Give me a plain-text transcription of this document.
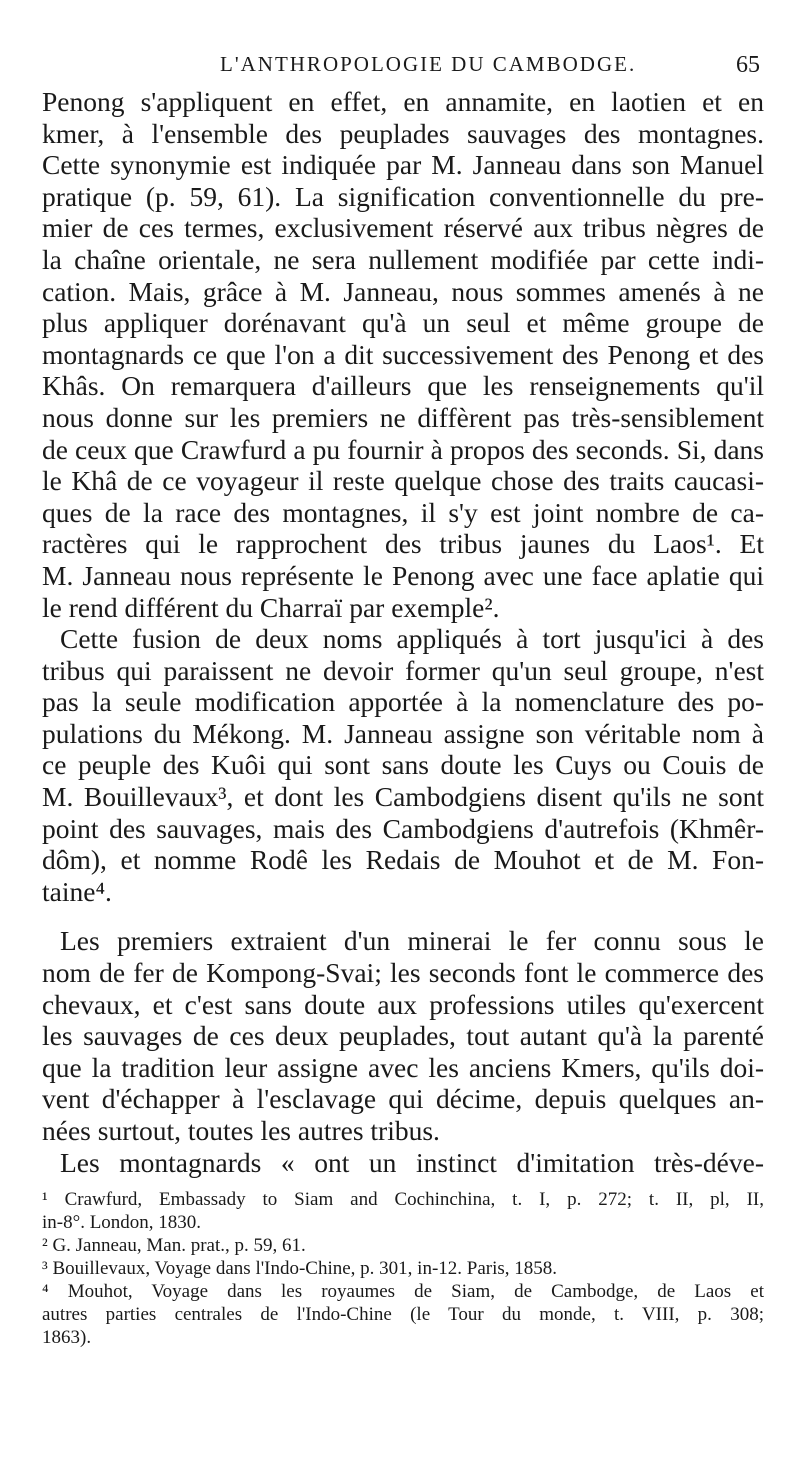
L'ANTHROPOLOGIE DU CAMBODGE.	65
Penong s'appliquent en effet, en annamite, en laotien et en
kmer, à l'ensemble des peuplades sauvages des montagnes.
Cette synonymie est indiquée par M. Janneau dans son Manuel
pratique (p. 59, 61). La signification conventionnelle du pre-
mier de ces termes, exclusivement réservé aux tribus nègres de
la chaîne orientale, ne sera nullement modifiée par cette indi-
cation. Mais, grâce à M. Janneau, nous sommes amenés à ne
plus appliquer dorénavant qu'à un seul et même groupe de
montagnards ce que l'on a dit successivement des Penong et des
Khâs. On remarquera d'ailleurs que les renseignements qu'il
nous donne sur les premiers ne diffèrent pas très-sensiblement
de ceux que Crawfurd a pu fournir à propos des seconds. Si, dans
le Khâ de ce voyageur il reste quelque chose des traits caucasi-
ques de la race des montagnes, il s'y est joint nombre de ca-
ractères qui le rapprochent des tribus jaunes du Laos¹. Et
M. Janneau nous représente le Penong avec une face aplatie qui
le rend différent du Charraï par exemple².
Cette fusion de deux noms appliqués à tort jusqu'ici à des
tribus qui paraissent ne devoir former qu'un seul groupe, n'est
pas la seule modification apportée à la nomenclature des po-
pulations du Mékong. M. Janneau assigne son véritable nom à
ce peuple des Kuôi qui sont sans doute les Cuys ou Couis de
M. Bouillevaux³, et dont les Cambodgiens disent qu'ils ne sont
point des sauvages, mais des Cambodgiens d'autrefois (Khmêr-
dôm), et nomme Rodê les Redais de Mouhot et de M. Fon-
taine⁴.
Les premiers extraient d'un minerai le fer connu sous le
nom de fer de Kompong-Svai; les seconds font le commerce des
chevaux, et c'est sans doute aux professions utiles qu'exercent
les sauvages de ces deux peuplades, tout autant qu'à la parenté
que la tradition leur assigne avec les anciens Kmers, qu'ils doi-
vent d'échapper à l'esclavage qui décime, depuis quelques an-
nées surtout, toutes les autres tribus.
Les montagnards « ont un instinct d'imitation très-déve-
¹ Crawfurd, Embassady to Siam and Cochinchina, t. I, p. 272; t. II, pl, II,
in-8°. London, 1830.
² G. Janneau, Man. prat., p. 59, 61.
³ Bouillevaux, Voyage dans l'Indo-Chine, p. 301, in-12. Paris, 1858.
⁴ Mouhot, Voyage dans les royaumes de Siam, de Cambodge, de Laos et
autres parties centrales de l'Indo-Chine (le Tour du monde, t. VIII, p. 308;
1863).
